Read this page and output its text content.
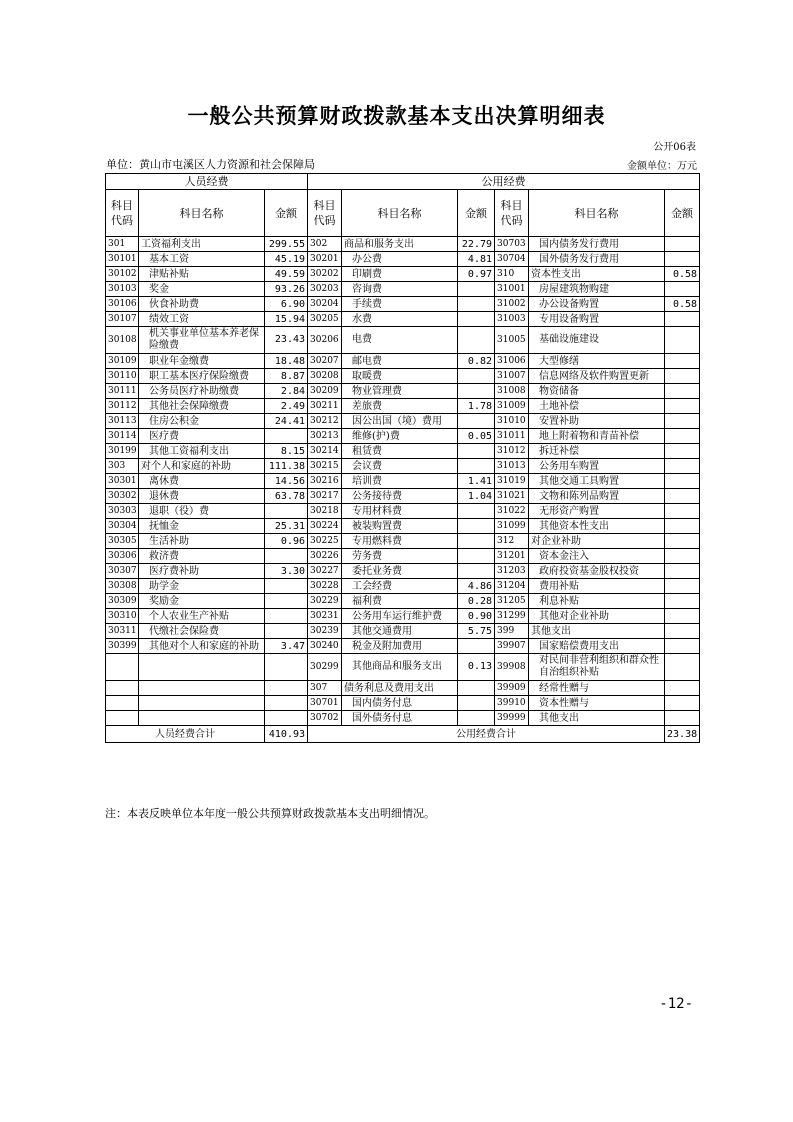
一般公共预算财政拨款基本支出决算明细表
公开06表
单位：黄山市屯溪区人力资源和社会保障局	金额单位：万元
人员经费			公用经费					
科目代码	科目名称	金额	科目代码	科目名称	金额	科目代码	科目名称	金额
301	工资福利支出	299.55	302	商品和服务支出	22.79	30703	国内债务发行费用	
30101	基本工资	45.19	30201	办公费	4.81	30704	国外债务发行费用	
30102	津贴补贴	49.59	30202	印刷费	0.97	310	资本性支出	0.58
30103	奖金	93.26	30203	咨询费		31001	房屋建筑物购建	
30106	伙食补助费	6.90	30204	手续费		31002	办公设备购置	0.58
30107	绩效工资	15.94	30205	水费		31003	专用设备购置	
30108	机关事业单位基本养老保险缴费	23.43	30206	电费		31005	基础设施建设	
30109	职业年金缴费	18.48	30207	邮电费	0.82	31006	大型修缮	
30110	职工基本医疗保险缴费	8.87	30208	取暖费		31007	信息网络及软件购置更新	
30111	公务员医疗补助缴费	2.84	30209	物业管理费		31008	物资储备	
30112	其他社会保障缴费	2.49	30211	差旅费	1.78	31009	土地补偿	
30113	住房公积金	24.41	30212	因公出国（境）费用		31010	安置补助	
30114	医疗费		30213	维修(护)费	0.05	31011	地上附着物和青苗补偿	
30199	其他工资福利支出	8.15	30214	租赁费		31012	拆迁补偿	
303	对个人和家庭的补助	111.38	30215	会议费		31013	公务用车购置	
30301	离休费	14.56	30216	培训费	1.41	31019	其他交通工具购置	
30302	退休费	63.78	30217	公务接待费	1.04	31021	文物和陈列品购置	
30303	退职（役）费		30218	专用材料费		31022	无形资产购置	
30304	抚恤金	25.31	30224	被装购置费		31099	其他资本性支出	
30305	生活补助	0.96	30225	专用燃料费		312	对企业补助	
30306	救济费		30226	劳务费		31201	资本金注入	
30307	医疗费补助	3.30	30227	委托业务费		31203	政府投资基金股权投资	
30308	助学金		30228	工会经费	4.86	31204	费用补贴	
30309	奖励金		30229	福利费	0.28	31205	利息补贴	
30310	个人农业生产补贴		30231	公务用车运行维护费	0.90	31299	其他对企业补助	
30311	代缴社会保险费		30239	其他交通费用	5.75	399	其他支出	
30399	其他对个人和家庭的补助	3.47	30240	税金及附加费用		39907	国家赔偿费用支出	
			30299	其他商品和服务支出	0.13	39908	对民间非营利组织和群众性自治组织补贴	
			307	债务利息及费用支出		39909	经常性赠与	
			30701	国内债务付息		39910	资本性赠与	
			30702	国外债务付息		39999	其他支出	
人员经费合计		410.93	公用经费合计					23.38
注：本表反映单位本年度一般公共预算财政拨款基本支出明细情况。
-12-
